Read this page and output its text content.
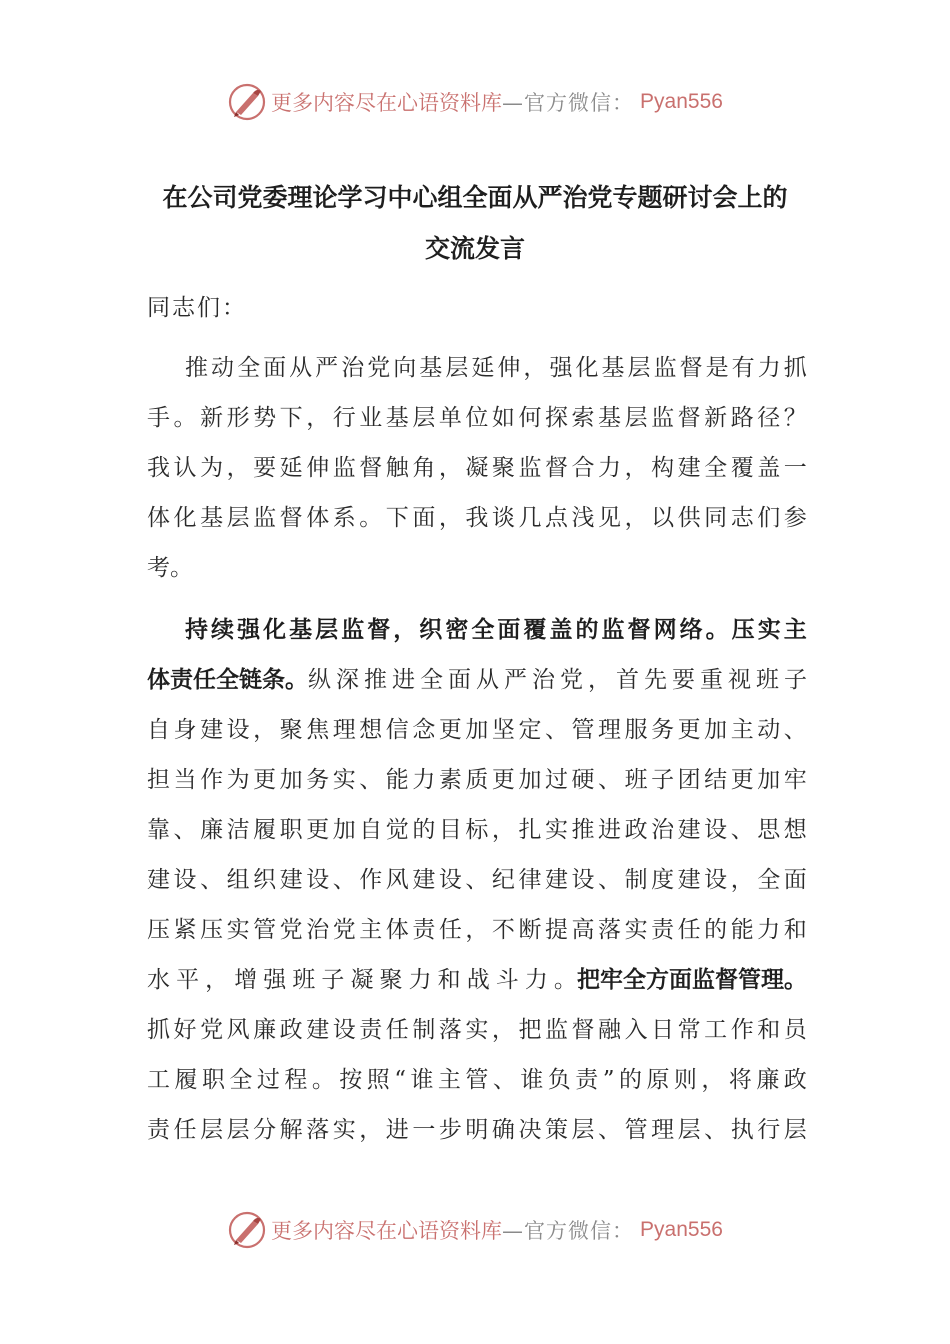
更多内容尽在心语资料库 —官方微信： Pyan556
在公司党委理论学习中心组全面从严治党专题研讨会上的
交流发言
同志们：
推 动 全 面 从 严 治 党 向 基 层 延 伸 ， 强 化 基 层 监 督 是 有 力 抓
手 。 新 形 势 下 ， 行 业 基 层 单 位 如 何 探 索 基 层 监 督 新 路 径 ？
我 认 为 ， 要 延 伸 监 督 触 角 ， 凝 聚 监 督 合 力 ， 构 建 全 覆 盖 一
体 化 基 层 监 督 体 系 。 下 面 ， 我 谈 几 点 浅 见 ， 以 供 同 志 们 参
考。
持 续 强 化 基 层 监 督 ， 织 密 全 面 覆 盖 的 监 督 网 络 。 压 实 主
体责任全链条。 纵 深 推 进 全 面 从 严 治 党 ， 首 先 要 重 视 班 子
自 身 建 设 ， 聚 焦 理 想 信 念 更 加 坚 定 、 管 理 服 务 更 加 主 动 、
担 当 作 为 更 加 务 实 、 能 力 素 质 更 加 过 硬 、 班 子 团 结 更 加 牢
靠 、 廉 洁 履 职 更 加 自 觉 的 目 标 ， 扎 实 推 进 政 治 建 设 、 思 想
建 设 、 组 织 建 设 、 作 风 建 设 、 纪 律 建 设 、 制 度 建 设 ， 全 面
压 紧 压 实 管 党 治 党 主 体 责 任 ， 不 断 提 高 落 实 责 任 的 能 力 和
水 平 ， 增 强 班 子 凝 聚 力 和 战 斗 力 。 把牢全方面监督管理。
抓 好 党 风 廉 政 建 设 责 任 制 落 实 ， 把 监 督 融 入 日 常 工 作 和 员
工 履 职 全 过 程 。 按 照 “ 谁 主 管 、 谁 负 责 ” 的 原 则 ， 将 廉 政
责 任 层 层 分 解 落 实 ， 进 一 步 明 确 决 策 层 、 管 理 层 、 执 行 层
更多内容尽在心语资料库 —官方微信： Pyan556
